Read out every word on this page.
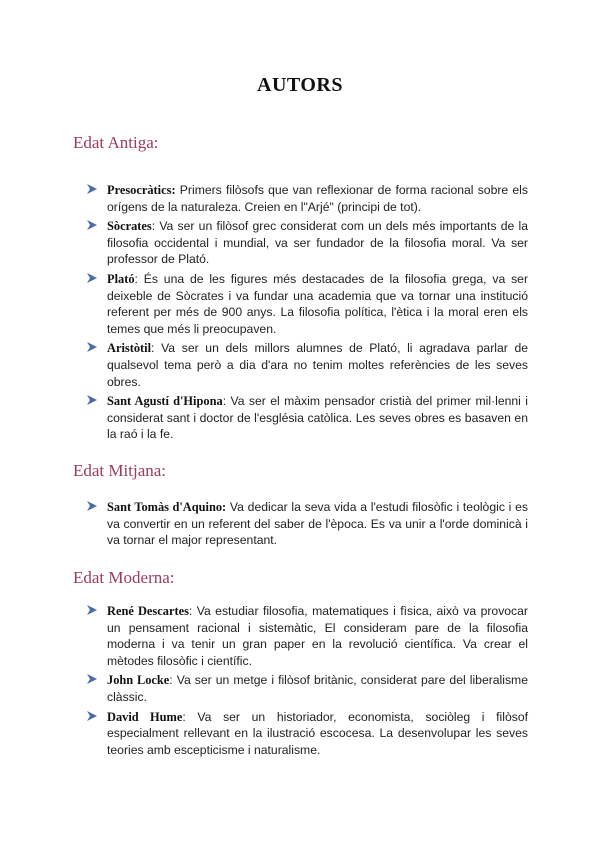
AUTORS
Edat Antiga:
Presocràtics: Primers filòsofs que van reflexionar de forma racional sobre els orígens de la naturaleza. Creien en l"Arjé" (principi de tot).
Sòcrates: Va ser un filòsof grec considerat com un dels més importants de la filosofia occidental i mundial, va ser fundador de la filosofia moral. Va ser professor de Plató.
Plató: És una de les figures més destacades de la filosofia grega, va ser deixeble de Sòcrates i va fundar una academia que va tornar una institució referent per més de 900 anys. La filosofia política, l'ètica i la moral eren els temes que més li preocupaven.
Aristòtil: Va ser un dels millors alumnes de Plató, li agradava parlar de qualsevol tema però a dia d'ara no tenim moltes referències de les seves obres.
Sant Agustí d'Hipona: Va ser el màxim pensador cristià del primer mil·lenni i considerat sant i doctor de l'església catòlica. Les seves obres es basaven en la raó i la fe.
Edat Mitjana:
Sant Tomàs d'Aquino: Va dedicar la seva vida a l'estudi filosòfic i teològic i es va convertir en un referent del saber de l'època. Es va unir a l'orde dominicà i va tornar el major representant.
Edat Moderna:
René Descartes: Va estudiar filosofia, matematiques i fìsica, això va provocar un pensament racional i sistemàtic, El consideram pare de la filosofia moderna i va tenir un gran paper en la revolució científica. Va crear el mètodes filosòfic i científic.
John Locke: Va ser un metge i filòsof britànic, considerat pare del liberalisme clàssic.
David Hume: Va ser un historiador, economista, sociòleg i filòsof especialment rellevant en la ilustració escocesa. La desenvolupar les seves teories amb escepticisme i naturalisme.
